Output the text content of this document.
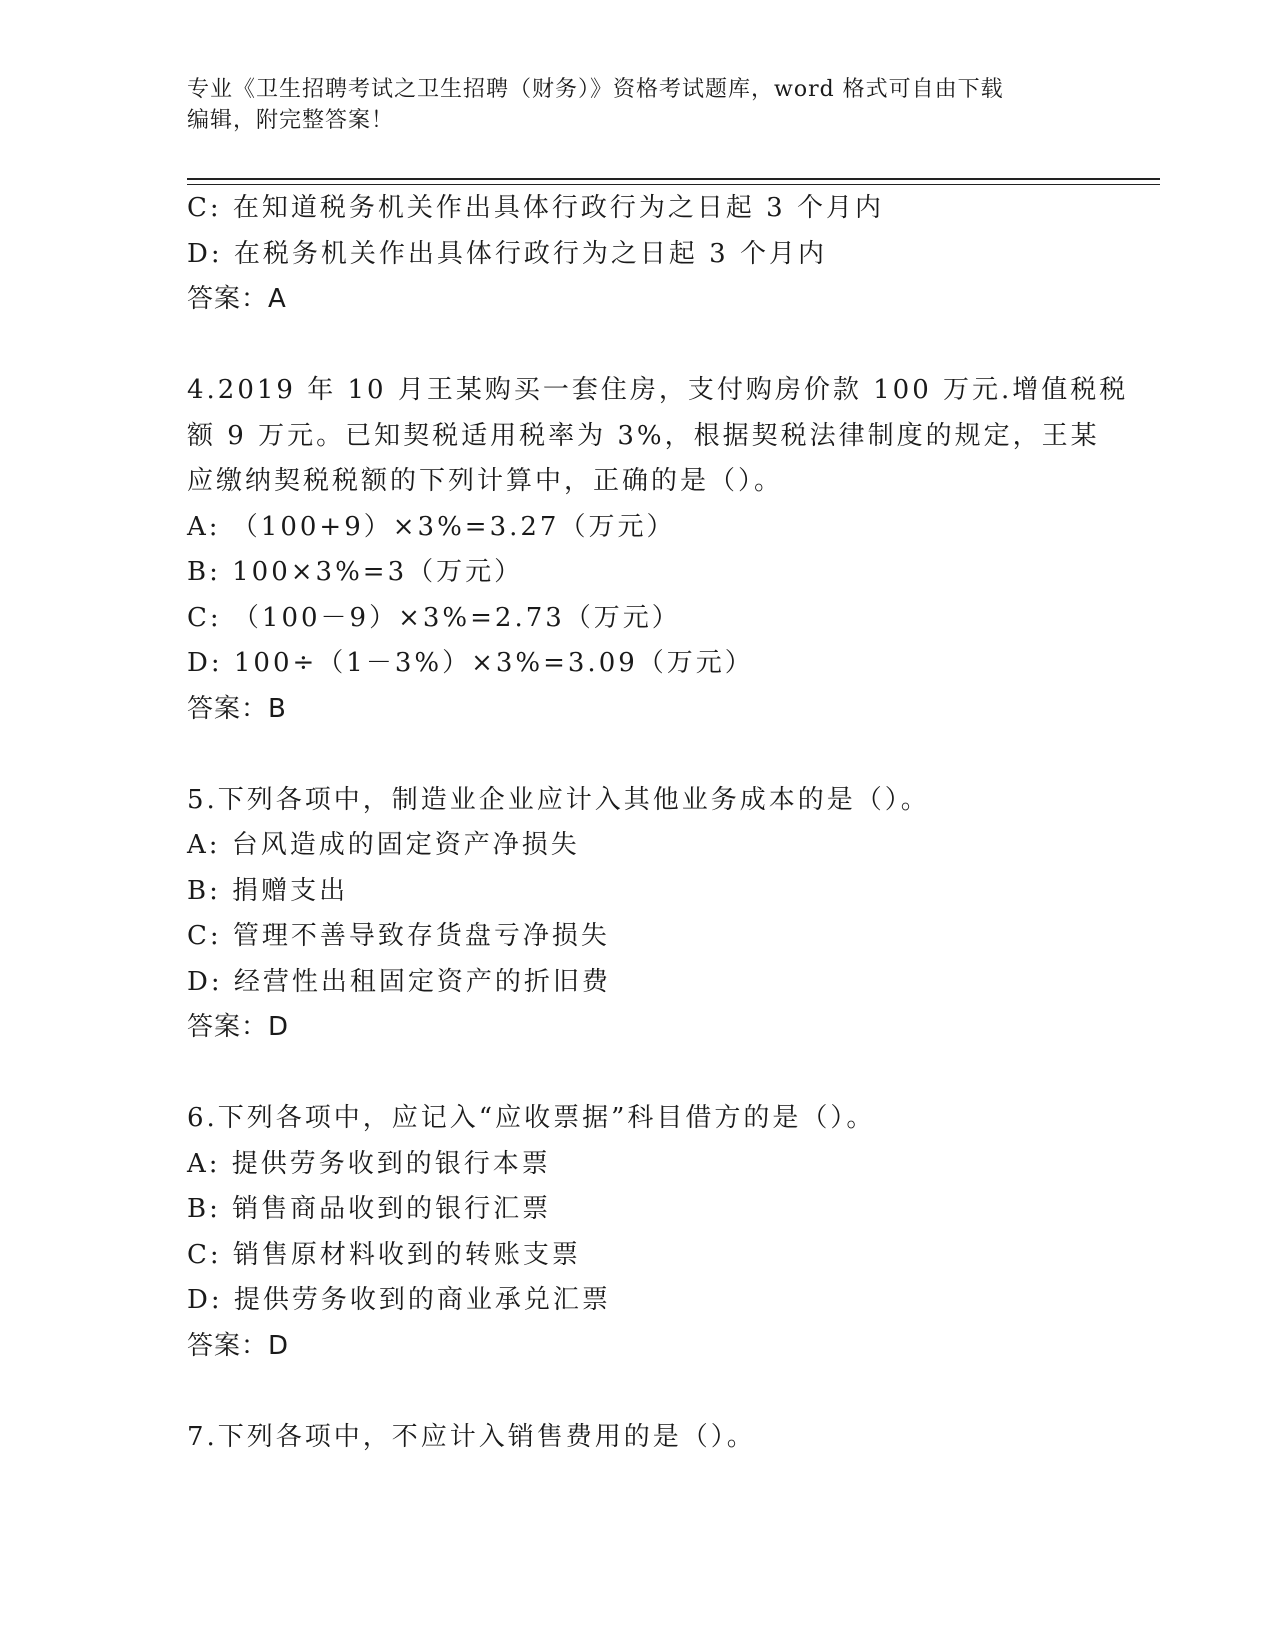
专业《卫生招聘考试之卫生招聘（财务）》资格考试题库，word 格式可自由下载
编辑，附完整答案！
C: 在知道税务机关作出具体行政行为之日起 3 个月内
D: 在税务机关作出具体行政行为之日起 3 个月内
答案：A
4.2019 年 10 月王某购买一套住房，支付购房价款 100 万元.增值税税
额 9 万元。已知契税适用税率为 3%，根据契税法律制度的规定，王某
应缴纳契税税额的下列计算中，正确的是（）。
A: （100+9）×3%=3.27（万元）
B: 100×3%=3（万元）
C: （100－9）×3%=2.73（万元）
D: 100÷（1－3%）×3%=3.09（万元）
答案：B
5.下列各项中，制造业企业应计入其他业务成本的是（）。
A: 台风造成的固定资产净损失
B: 捐赠支出
C: 管理不善导致存货盘亏净损失
D: 经营性出租固定资产的折旧费
答案：D
6.下列各项中，应记入“应收票据”科目借方的是（）。
A: 提供劳务收到的银行本票
B: 销售商品收到的银行汇票
C: 销售原材料收到的转账支票
D: 提供劳务收到的商业承兑汇票
答案：D
7.下列各项中，不应计入销售费用的是（）。
